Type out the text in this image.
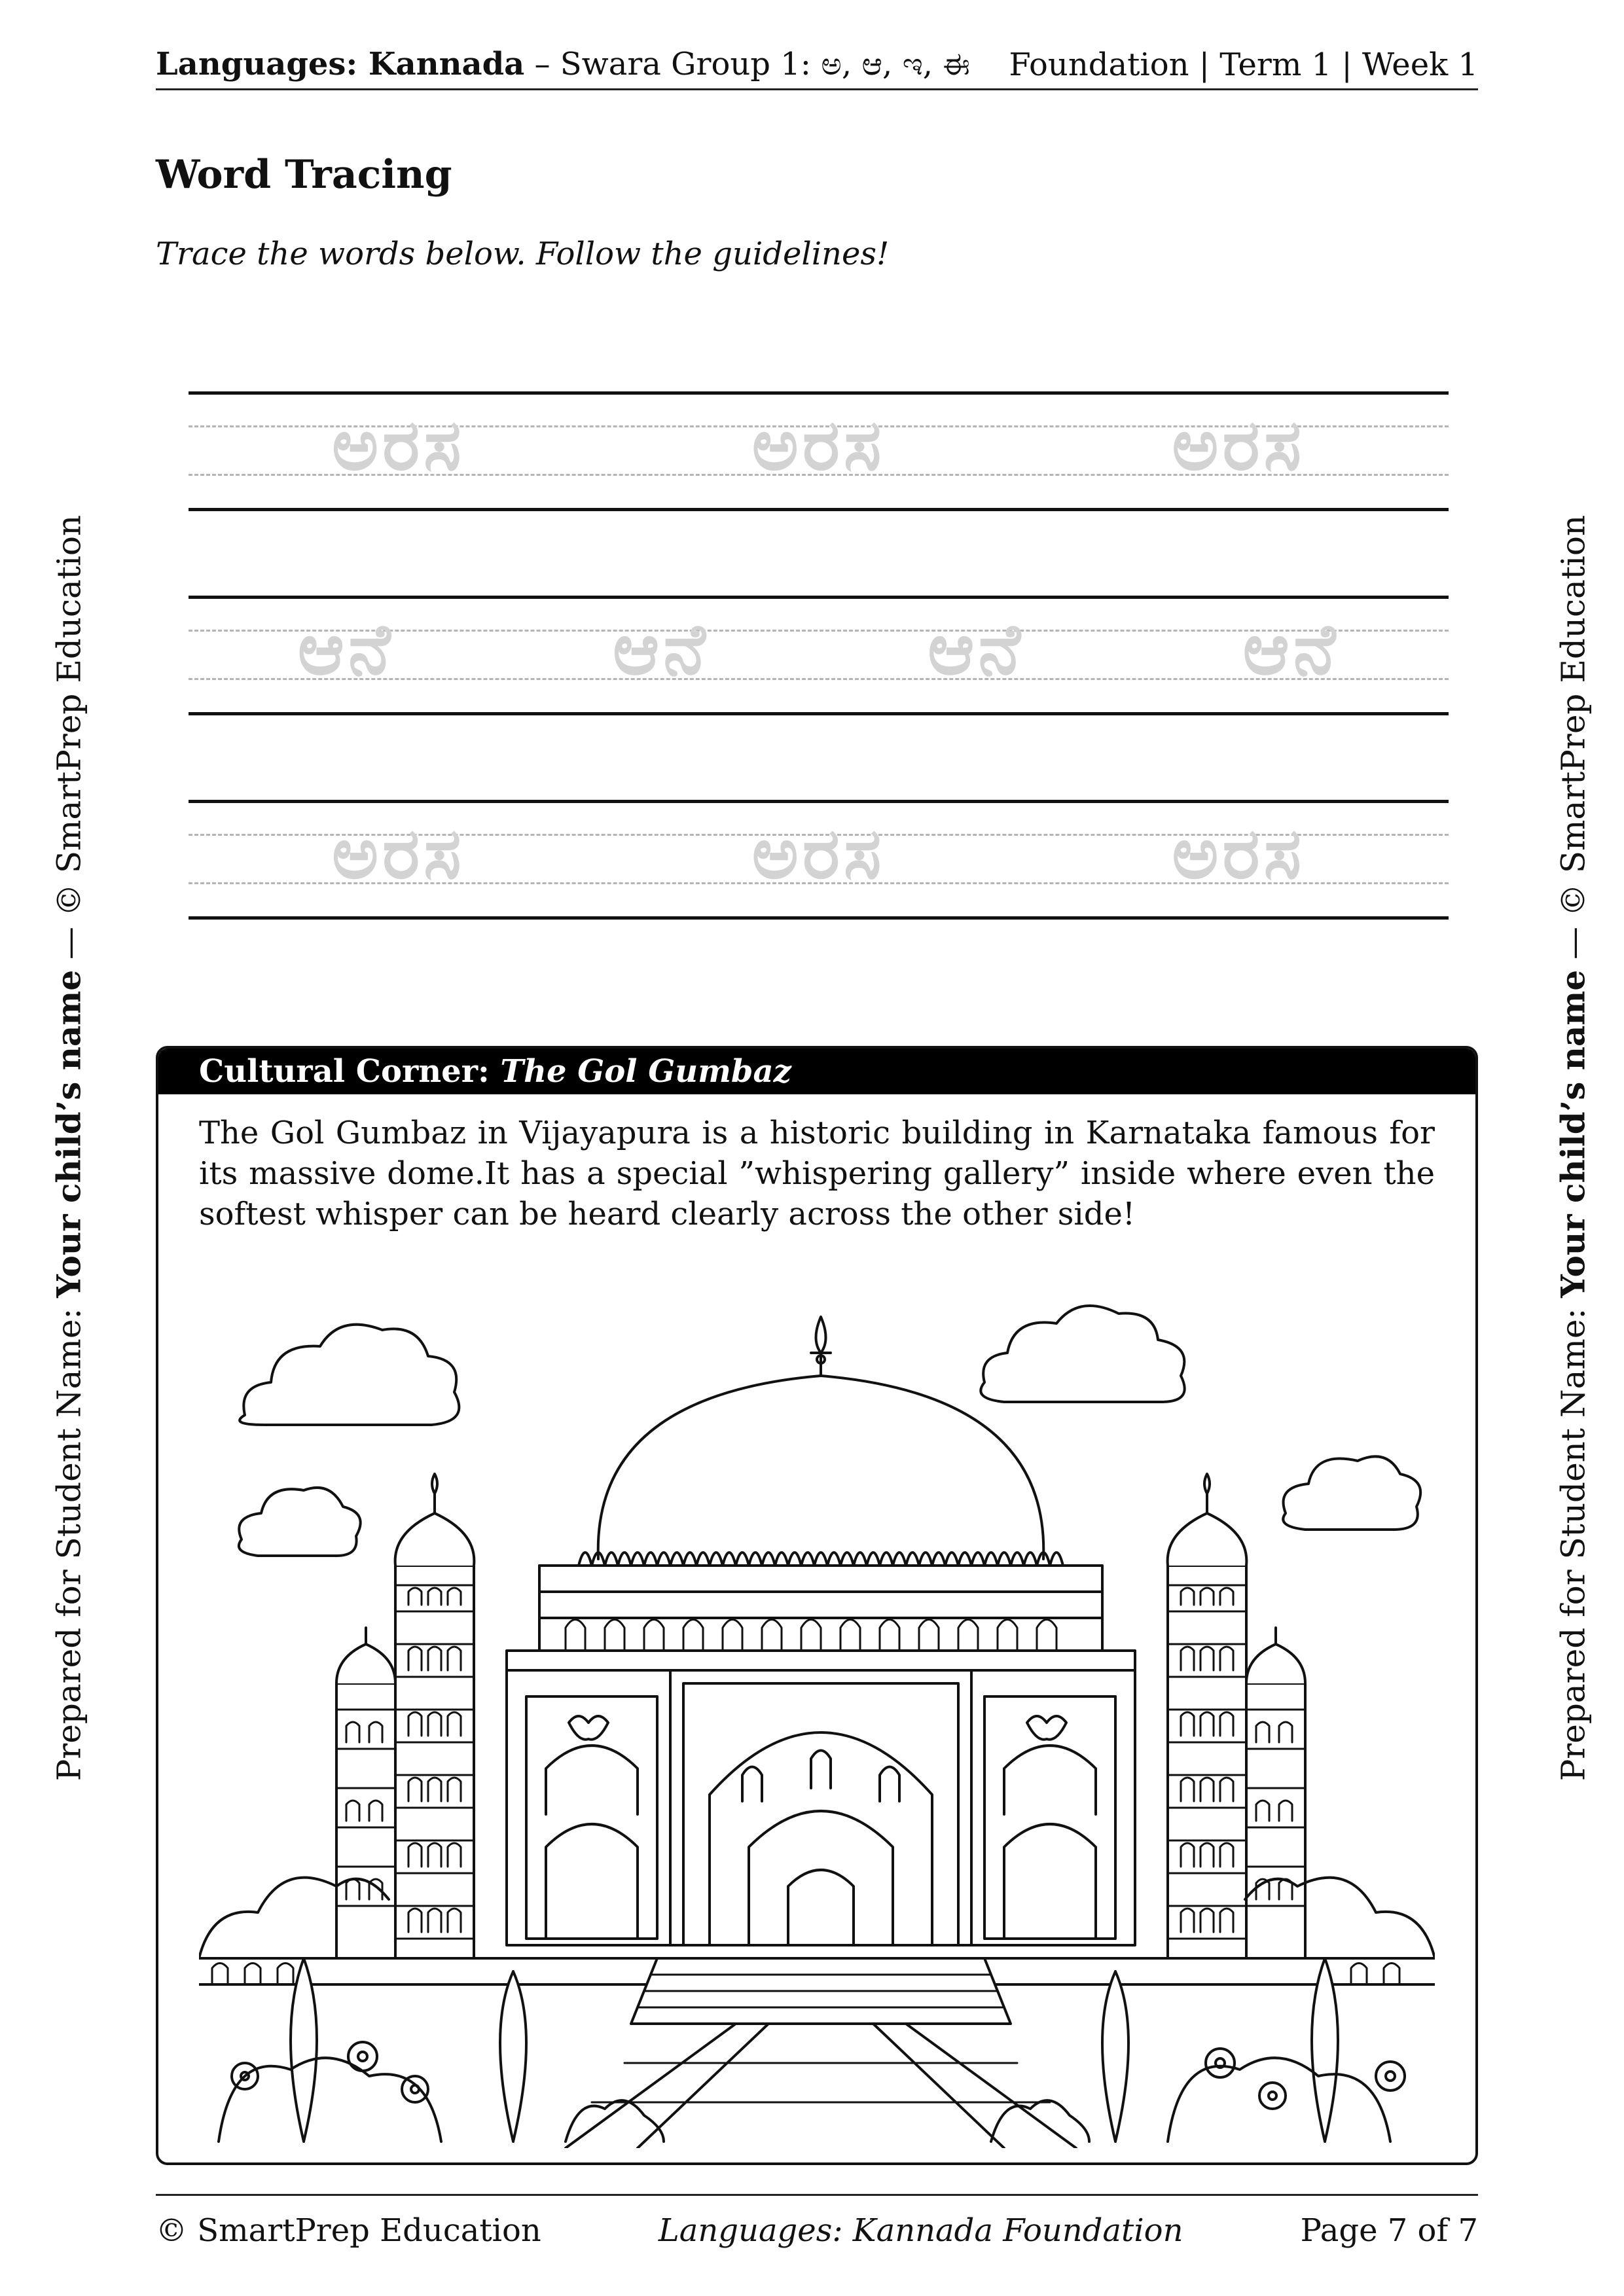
Languages: Kannada – Swara Group 1: ಅ, ಆ, ಇ, ಈ Foundation | Term 1 | Week 1
Word Tracing
Trace the words below. Follow the guidelines!
ಅರಸ	ಅರಸ	ಅರಸ
ಆನೆ	ಆನೆ	ಆನೆ	ಆನೆ
ಅರಸ	ಅರಸ	ಅರಸ
Prepared for Student Name: Your child’s name — © SmartPrep Education
Prepared for Student Name: Your child’s name — © SmartPrep Education
Cultural Corner: The Gol Gumbaz
The Gol Gumbaz in Vijayapura is a historic building in Karnataka famous for its massive dome.It has a special ”whispering gallery” inside where even the softest whisper can be heard clearly across the other side!
© SmartPrep Education	Languages: Kannada Foundation	Page 7 of 7
